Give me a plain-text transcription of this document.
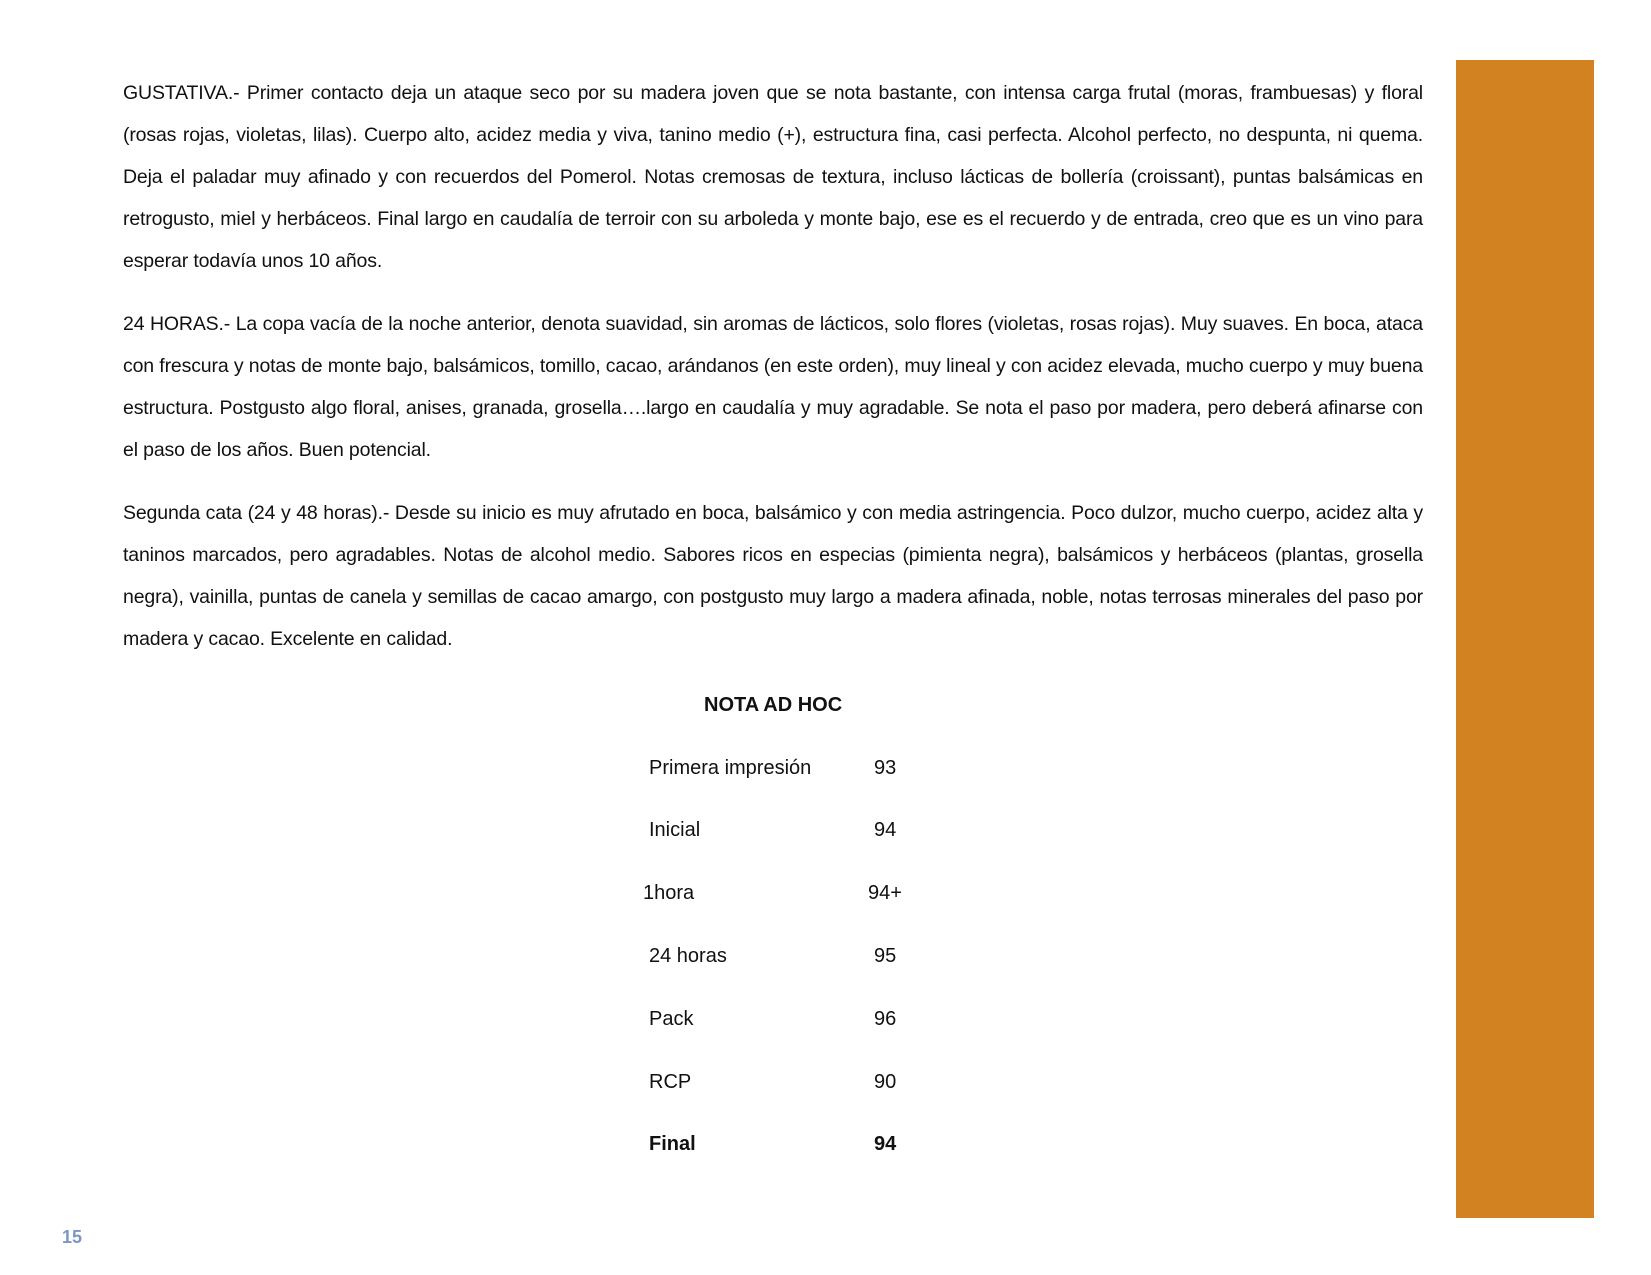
GUSTATIVA.- Primer contacto deja un ataque seco por su madera joven que se nota bastante, con intensa carga frutal (moras, frambuesas) y floral (rosas rojas, violetas, lilas). Cuerpo alto, acidez media y viva, tanino medio (+), estructura fina, casi perfecta. Alcohol perfecto, no despunta, ni quema. Deja el paladar muy afinado y con recuerdos del Pomerol. Notas cremosas de textura, incluso lácticas de bollería (croissant), puntas balsámicas en retrogusto, miel y herbáceos. Final largo en caudalía de terroir con su arboleda y monte bajo, ese es el recuerdo y de entrada, creo que es un vino para esperar todavía unos 10 años.

24 HORAS.- La copa vacía de la noche anterior, denota suavidad, sin aromas de lácticos, solo flores (violetas, rosas rojas). Muy suaves. En boca, ataca con frescura y notas de monte bajo, balsámicos, tomillo, cacao, arándanos (en este orden), muy lineal y con acidez elevada, mucho cuerpo y muy buena estructura. Postgusto algo floral, anises, granada, grosella….largo en caudalía y muy agradable. Se nota el paso por madera, pero deberá afinarse con el paso de los años. Buen potencial.

Segunda cata (24 y 48 horas).- Desde su inicio es muy afrutado en boca, balsámico y con media astringencia. Poco dulzor, mucho cuerpo, acidez alta y taninos marcados, pero agradables. Notas de alcohol medio. Sabores ricos en especias (pimienta negra), balsámicos y herbáceos (plantas, grosella negra), vainilla, puntas de canela y semillas de cacao amargo, con postgusto muy largo a madera afinada, noble, notas terrosas minerales del paso por madera y cacao. Excelente en calidad.

NOTA AD HOC
Primera impresión	93
Inicial	94
1hora	94+
24 horas	95
Pack	96
RCP	90
Final	94
15
